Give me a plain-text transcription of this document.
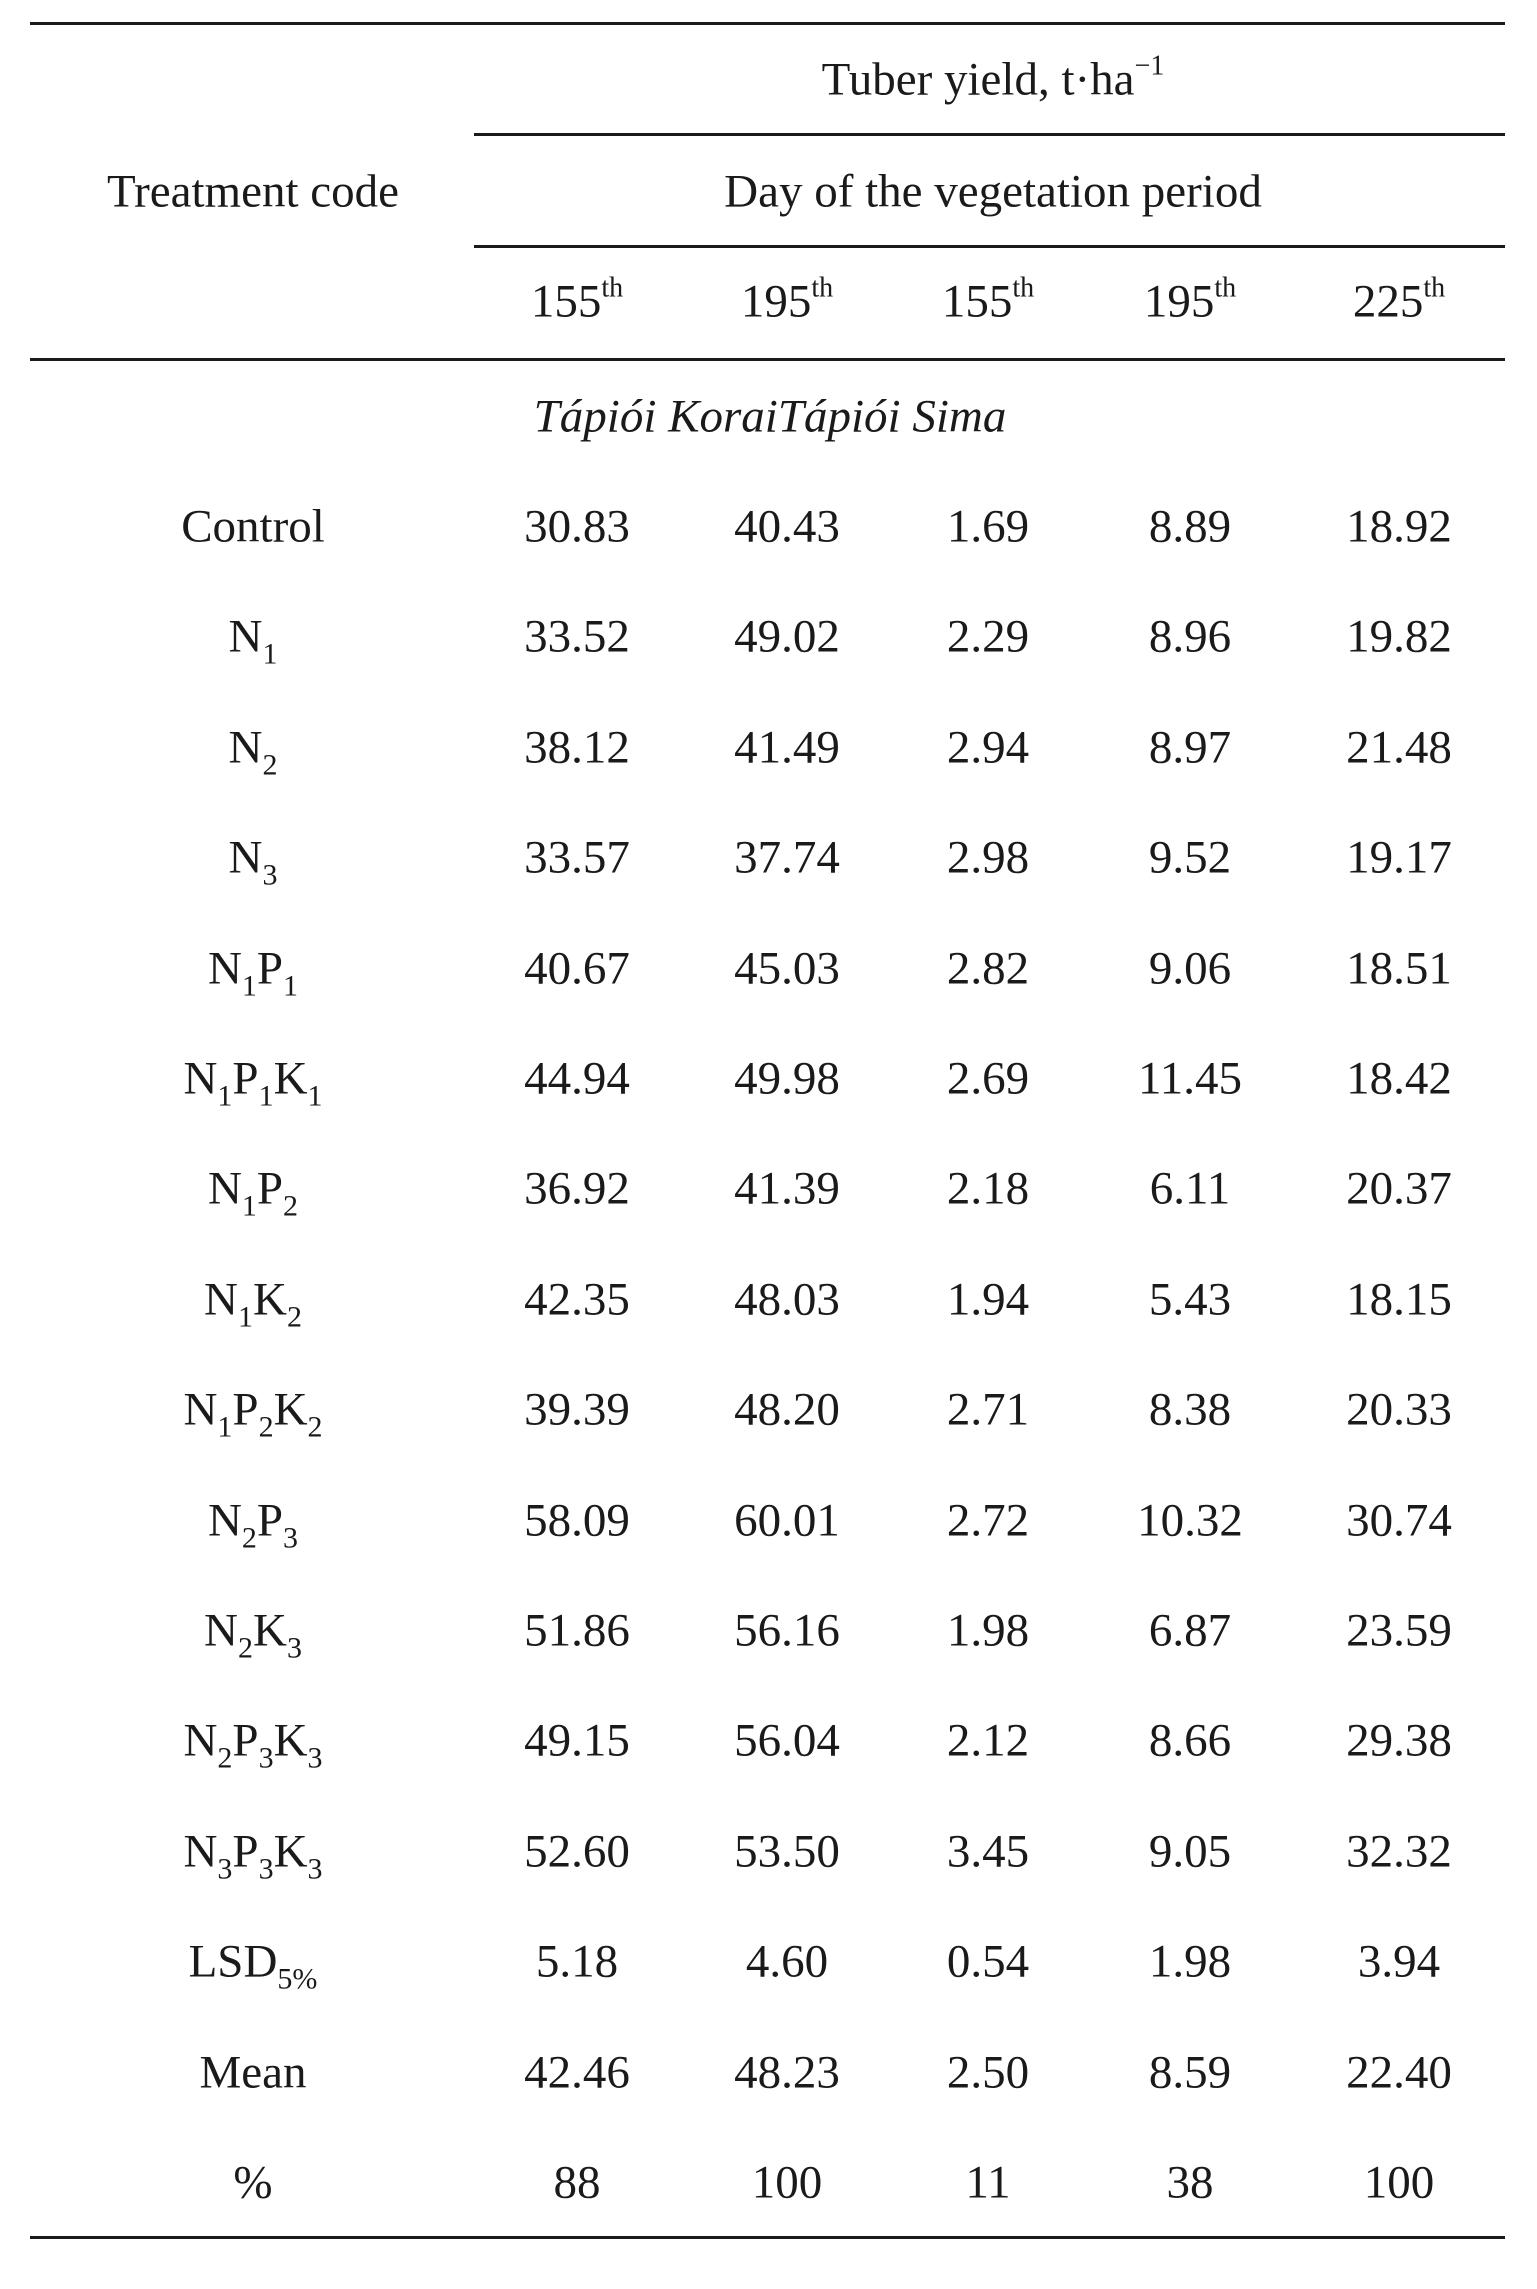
Treatment code
Tuber yield, $t\cdot ha^{-1}$
Day of the vegetation period
155th	195th 155th 195th 225th
Tápiói KoraiTápiói Sima
Control	30.83 40.43 1.69	8.89 18.92
$N_1$	33.52 49.02 2.29	8.96 19.82
$N_2$	38.12 41.49 2.94	8.97 21.48
$N_3$	33.57 37.74 2.98	9.52 19.17
$N_1P_1$	40.67 45.03 2.82	9.06 18.51
$N_1P_1K_1$	44.94 49.98 2.69 11.45 18.42
$N_1P_2$	36.92 41.39 2.18	6.11 20.37
$N_1K_2$	42.35 48.03 1.94	5.43 18.15
$N_1P_2K_2$	39.39 48.20 2.71	8.38 20.33
$N_2P_3$	58.09 60.01 2.72 10.32 30.74
$N_2K_3$	51.86 56.16 1.98	6.87 23.59
$N_2P_3K_3$	49.15 56.04 2.12	8.66 29.38
$N_3P_3K_3$	52.60 53.50 3.45	9.05 32.32
$LSD_{5\%}$	5.18	4.60	0.54	1.98	3.94
Mean	42.46 48.23 2.50	8.59 22.40
%	88	100	11	38	100
